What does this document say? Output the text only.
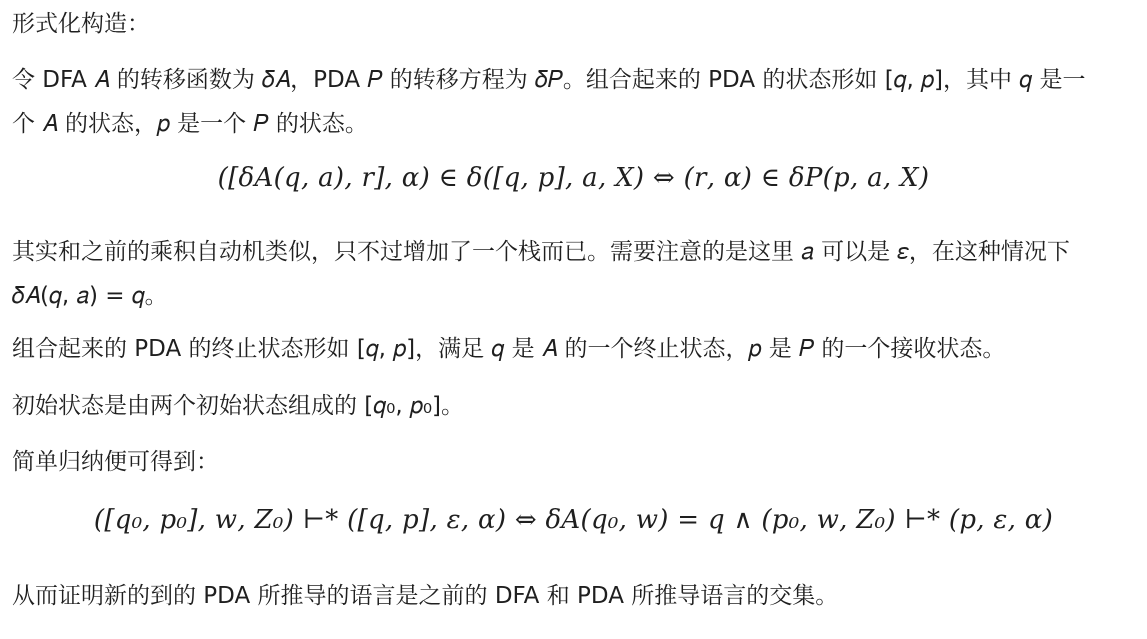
形式化构造：
令 DFA 𝐴 的转移函数为 𝛿𝐴，PDA 𝑃 的转移方程为 𝛿𝑃。组合起来的 PDA 的状态形如 [𝑞, 𝑝]，其中 𝑞 是一
个 𝐴 的状态，𝑝 是一个 𝑃 的状态。
([𝛿𝐴(𝑞, 𝑎), 𝑟], 𝛼) ∈ 𝛿([𝑞, 𝑝], 𝑎, 𝑋) ⇔ (𝑟, 𝛼) ∈ 𝛿𝑃(𝑝, 𝑎, 𝑋)
其实和之前的乘积自动机类似，只不过增加了一个栈而已。需要注意的是这里 𝑎 可以是 𝜀，在这种情况下
𝛿𝐴(𝑞, 𝑎) = 𝑞。
组合起来的 PDA 的终止状态形如 [𝑞, 𝑝]，满足 𝑞 是 𝐴 的一个终止状态，𝑝 是 𝑃 的一个接收状态。
初始状态是由两个初始状态组成的 [𝑞₀, 𝑝₀]。
简单归纳便可得到：
([𝑞₀, 𝑝₀], 𝑤, 𝑍₀) ⊢* ([𝑞, 𝑝], 𝜀, 𝛼) ⇔ 𝛿𝐴(𝑞₀, 𝑤) = 𝑞 ∧ (𝑝₀, 𝑤, 𝑍₀) ⊢* (𝑝, 𝜀, 𝛼)
从而证明新的到的 PDA 所推导的语言是之前的 DFA 和 PDA 所推导语言的交集。
